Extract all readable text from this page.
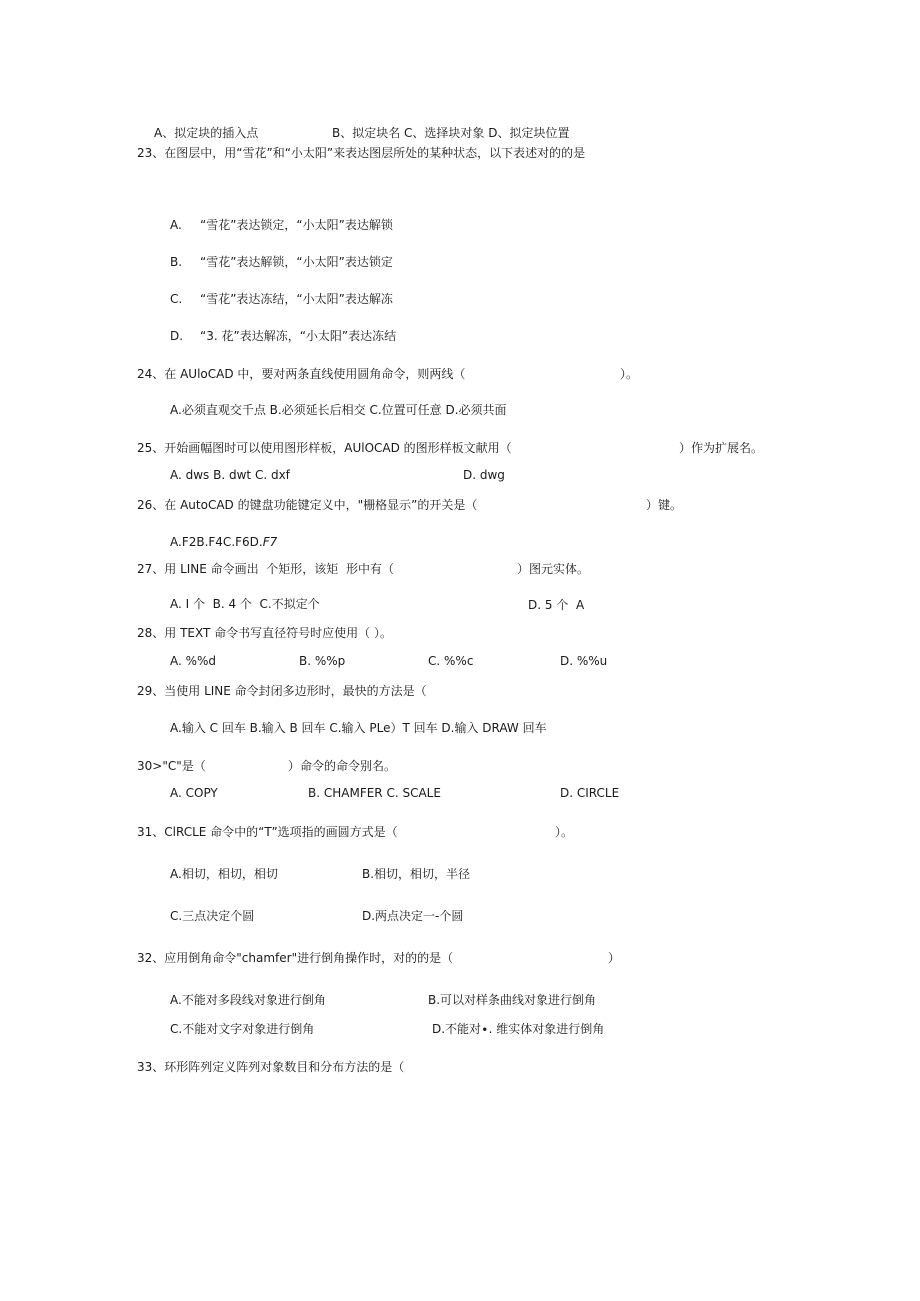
A、拟定块的插入点	B、拟定块名 C、选择块对象 D、拟定块位置
23、在图层中，用“雪花”和“小太阳”来表达图层所处的某种状态，以下表述对的的是
A. “雪花”表达锁定，“小太阳”表达解锁
B. “雪花”表达解锁，“小太阳”表达锁定
C. “雪花”表达冻结，“小太阳”表达解冻
D. “3. 花”表达解冻，“小太阳”表达冻结
24、在 AUloCAD 中，要对两条直线使用圆角命令，则两线（	）。
A.必须直观交千点 B.必须延长后相交 C.位置可任意 D.必须共面
25、开始画幅图时可以使用图形样板，AUlOCAD 的图形样板文献用（	）作为扩展名。
A. dws B. dwt C. dxf	D. dwg
26、在 AutoCAD 的键盘功能键定义中，"栅格显示”的开关是（	）键。
A.F2B.F4C.F6D.F7
27、用 LINE 命令画出  个矩形，该矩  形中有（	）图元实体。
A. I 个  B. 4 个  C.不拟定个	D. 5 个  A
28、用 TEXT 命令书写直径符号时应使用（ ）。
A. %%d	B. %%p	C. %%c	D. %%u
29、当使用 LINE 命令封闭多边形时，最快的方法是（
A.输入 C 回车 B.输入 B 回车 C.输入 PLe）T 回车 D.输入 DRAW 回车
30>"C"是（	）命令的命令别名。
A. COPY	B. CHAMFER C. SCALE	D. CIRCLE
31、ClRCLE 命令中的“T”选项指的画圆方式是（	）。
A.相切，相切，相切	B.相切，相切，半径
C.三点决定个圆	D.两点决定一-个圆
32、应用倒角命令"chamfer"进行倒角操作时，对的的是（	）
A.不能对多段线对象进行倒角	B.可以对样条曲线对象进行倒角
C.不能对文字对象进行倒角	D.不能对∙. 维实体对象进行倒角
33、环形阵列定义阵列对象数目和分布方法的是（
